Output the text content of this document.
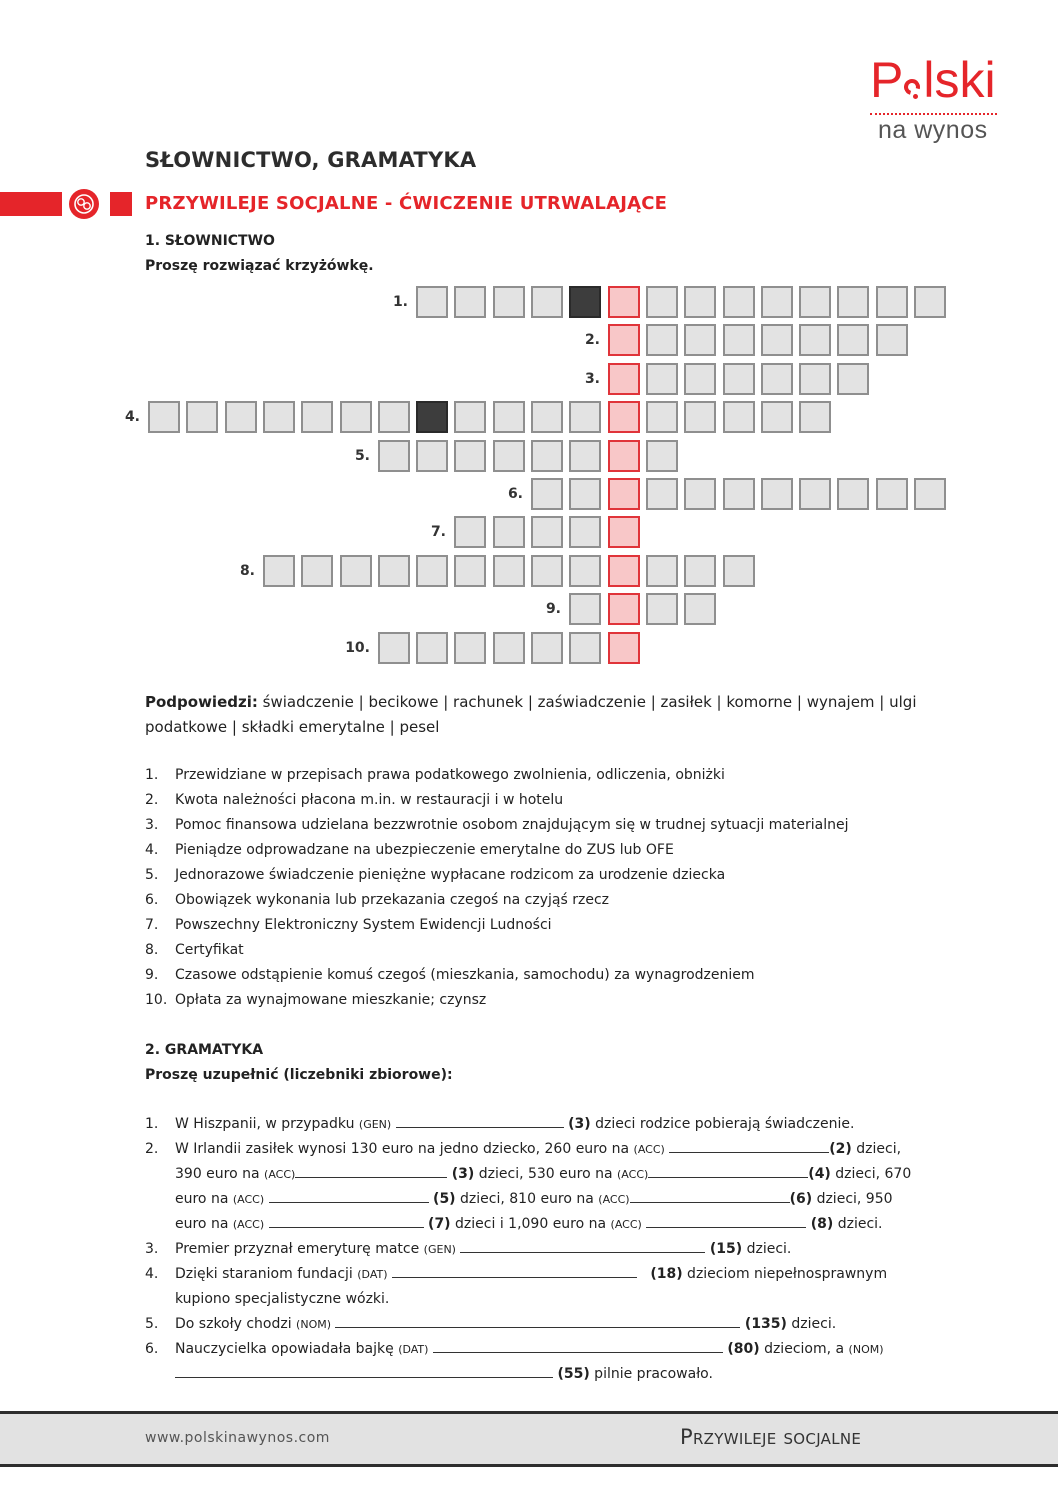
P lski
na wynos
SŁOWNICTWO, GRAMATYKA
PRZYWILEJE SOCJALNE - ĆWICZENIE UTRWALAJĄCE
1. SŁOWNICTWO
Proszę rozwiązać krzyżówkę.
1.
2.
3.
4.
5.
6.
7.
8.
9.
10.
Podpowiedzi: świadczenie | becikowe | rachunek | zaświadczenie | zasiłek | komorne | wynajem | ulgi podatkowe | składki emerytalne | pesel
1.	Przewidziane w przepisach prawa podatkowego zwolnienia, odliczenia, obniżki
2.	Kwota należności płacona m.in. w restauracji i w hotelu
3.	Pomoc finansowa udzielana bezzwrotnie osobom znajdującym się w trudnej sytuacji materialnej
4.	Pieniądze odprowadzane na ubezpieczenie emerytalne do ZUS lub OFE
5.	Jednorazowe świadczenie pieniężne wypłacane rodzicom za urodzenie dziecka
6.	Obowiązek wykonania lub przekazania czegoś na czyjąś rzecz
7.	Powszechny Elektroniczny System Ewidencji Ludności
8.	Certyfikat
9.	Czasowe odstąpienie komuś czegoś (mieszkania, samochodu) za wynagrodzeniem
10. Opłata za wynajmowane mieszkanie; czynsz
2. GRAMATYKA
Proszę uzupełnić (liczebniki zbiorowe):
1. W Hiszpanii, w przypadku (GEN)	(3) dzieci rodzice pobierają świadczenie.
2. W Irlandii zasiłek wynosi 130 euro na jedno dziecko, 260 euro na (ACC)	(2) dzieci,
390 euro na (ACC)	(3) dzieci, 530 euro na (ACC)	(4) dzieci, 670
euro na (ACC)	(5) dzieci, 810 euro na (ACC)	(6) dzieci, 950
euro na (ACC)	(7) dzieci i 1,090 euro na (ACC)	(8) dzieci.
3. Premier przyznał emeryturę matce (GEN)	(15) dzieci.
4. Dzięki staraniom fundacji (DAT)	(18) dzieciom niepełnosprawnym
kupiono specjalistyczne wózki.
5. Do szkoły chodzi (NOM)	(135) dzieci.
6. Nauczycielka opowiadała bajkę (DAT)	(80) dzieciom, a (NOM)
(55) pilnie pracowało.
www.polskinawynos.com	Przywileje socjalne
